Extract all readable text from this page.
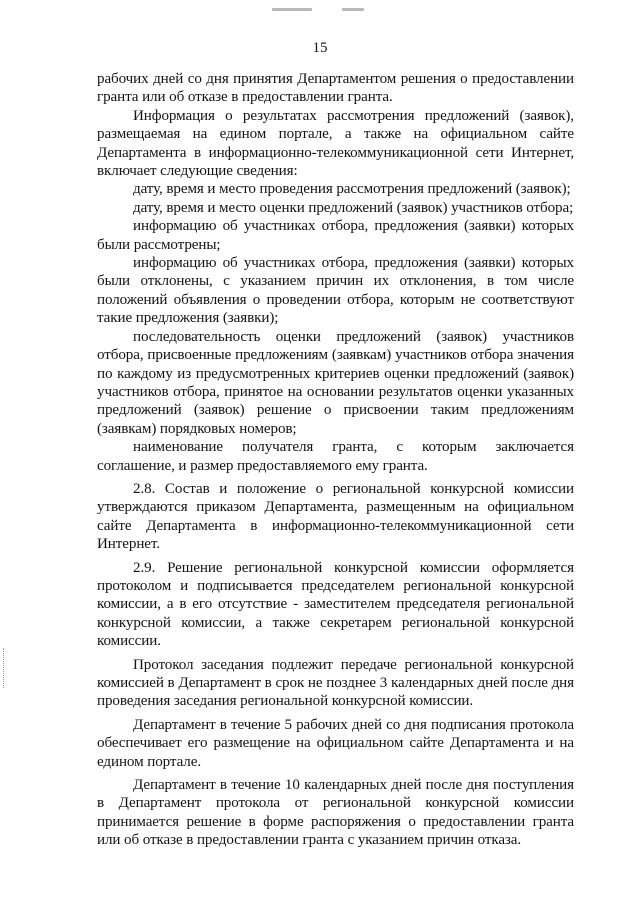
15

рабочих дней со дня принятия Департаментом решения о предоставлении гранта или об отказе в предоставлении гранта.

Информация о результатах рассмотрения предложений (заявок), размещаемая на едином портале, а также на официальном сайте Департамента в информационно-телекоммуникационной сети Интернет, включает следующие сведения:

дату, время и место проведения рассмотрения предложений (заявок);

дату, время и место оценки предложений (заявок) участников отбора;

информацию об участниках отбора, предложения (заявки) которых были рассмотрены;

информацию об участниках отбора, предложения (заявки) которых были отклонены, с указанием причин их отклонения, в том числе положений объявления о проведении отбора, которым не соответствуют такие предложения (заявки);

последовательность оценки предложений (заявок) участников отбора, присвоенные предложениям (заявкам) участников отбора значения по каждому из предусмотренных критериев оценки предложений (заявок) участников отбора, принятое на основании результатов оценки указанных предложений (заявок) решение о присвоении таким предложениям (заявкам) порядковых номеров;

наименование получателя гранта, с которым заключается соглашение, и размер предоставляемого ему гранта.

2.8. Состав и положение о региональной конкурсной комиссии утверждаются приказом Департамента, размещенным на официальном сайте Департамента в информационно-телекоммуникационной сети Интернет.

2.9. Решение региональной конкурсной комиссии оформляется протоколом и подписывается председателем региональной конкурсной комиссии, а в его отсутствие - заместителем председателя региональной конкурсной комиссии, а также секретарем региональной конкурсной комиссии.

Протокол заседания подлежит передаче региональной конкурсной комиссией в Департамент в срок не позднее 3 календарных дней после дня проведения заседания региональной конкурсной комиссии.

Департамент в течение 5 рабочих дней со дня подписания протокола обеспечивает его размещение на официальном сайте Департамента и на едином портале.

Департамент в течение 10 календарных дней после дня поступления в Департамент протокола от региональной конкурсной комиссии принимается решение в форме распоряжения о предоставлении гранта или об отказе в предоставлении гранта с указанием причин отказа.
